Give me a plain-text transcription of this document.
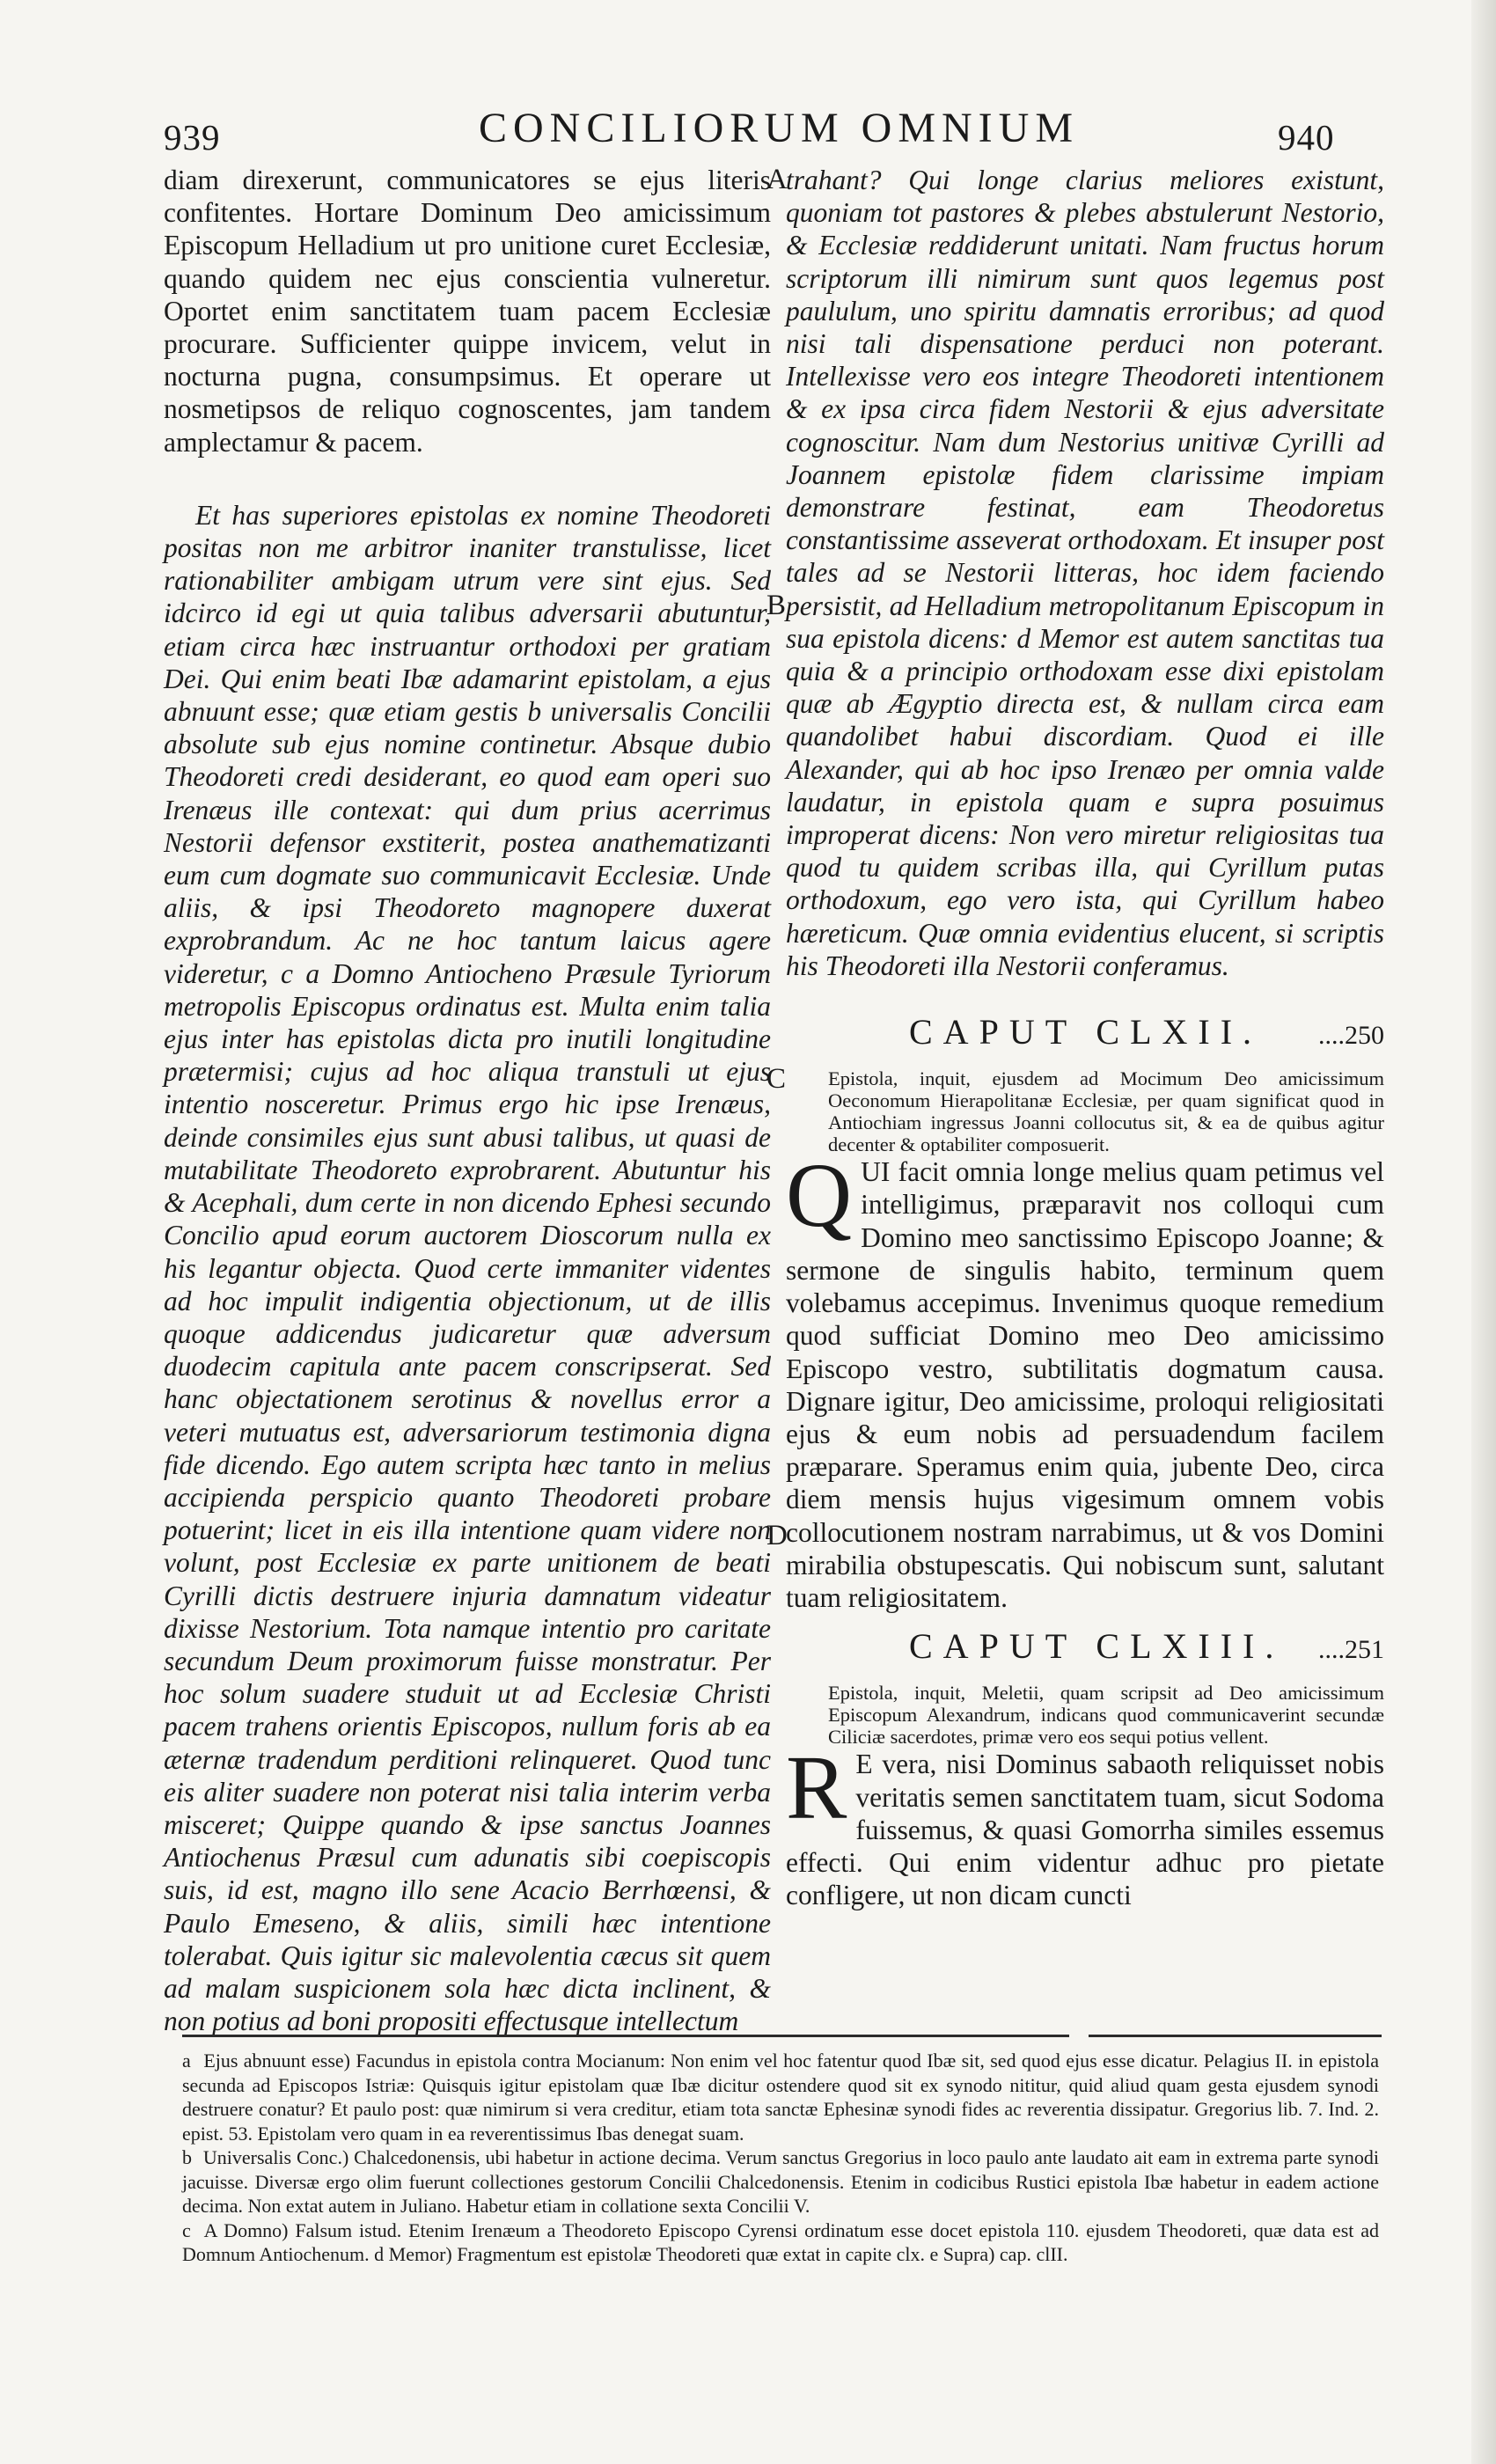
939	CONCILIORUM OMNIUM	940

diam direxerunt, communicatores se ejus literis confitentes. Hortare Dominum Deo amicissimum Episcopum Helladium ut pro unitione curet Ecclesiæ, quando quidem nec ejus conscientia vulneretur. Oportet enim sanctitatem tuam pacem Ecclesiæ procurare. Sufficienter quippe invicem, velut in nocturna pugna, consumpsimus. Et operare ut nosmetipsos de reliquo cognoscentes, jam tandem amplectamur & pacem.

Et has superiores epistolas ex nomine Theodoreti positas non me arbitror inaniter transtulisse, licet rationabiliter ambigam utrum vere sint ejus. Sed idcirco id egi ut quia talibus adversarii abutuntur, etiam circa hæc instruantur orthodoxi per gratiam Dei. Qui enim beati Ibæ adamarint epistolam, a ejus abnuunt esse; quæ etiam gestis b universalis Concilii absolute sub ejus nomine continetur. Absque dubio Theodoreti credi desiderant, eo quod eam operi suo Irenæus ille contexat: qui dum prius acerrimus Nestorii defensor exstiterit, postea anathematizanti eum cum dogmate suo communicavit Ecclesiæ. Unde aliis, & ipsi Theodoreto magnopere duxerat exprobrandum. Ac ne hoc tantum laicus agere videretur, c a Domno Antiocheno Præsule Tyriorum metropolis Episcopus ordinatus est. Multa enim talia ejus inter has epistolas dicta pro inutili longitudine prætermisi; cujus ad hoc aliqua transtuli ut ejus intentio nosceretur. Primus ergo hic ipse Irenæus, deinde consimiles ejus sunt abusi talibus, ut quasi de mutabilitate Theodoreto exprobrarent. Abutuntur his & Acephali, dum certe in non dicendo Ephesi secundo Concilio apud eorum auctorem Dioscorum nulla ex his legantur objecta. Quod certe immaniter videntes ad hoc impulit indigentia objectionum, ut de illis quoque addicendus judicaretur quæ adversum duodecim capitula ante pacem conscripserat. Sed hanc objectationem serotinus & novellus error a veteri mutuatus est, adversariorum testimonia digna fide dicendo. Ego autem scripta hæc tanto in melius accipienda perspicio quanto Theodoreti probare potuerint; licet in eis illa intentione quam videre non volunt, post Ecclesiæ ex parte unitionem de beati Cyrilli dictis destruere injuria damnatum videatur dixisse Nestorium. Tota namque intentio pro caritate secundum Deum proximorum fuisse monstratur. Per hoc solum suadere studuit ut ad Ecclesiæ Christi pacem trahens orientis Episcopos, nullum foris ab ea æternæ tradendum perditioni relinqueret. Quod tunc eis aliter suadere non poterat nisi talia interim verba misceret; Quippe quando & ipse sanctus Joannes Antiochenus Præsul cum adunatis sibi coepiscopis suis, id est, magno illo sene Acacio Berrhœensi, & Paulo Emeseno, & aliis, simili hæc intentione tolerabat. Quis igitur sic malevolentia cæcus sit quem ad malam suspicionem sola hæc dicta inclinent, & non potius ad boni propositi effectusque intellectum

A
B
C
D

trahant? Qui longe clarius meliores existunt, quoniam tot pastores & plebes abstulerunt Nestorio, & Ecclesiæ reddiderunt unitati. Nam fructus horum scriptorum illi nimirum sunt quos legemus post paululum, uno spiritu damnatis erroribus; ad quod nisi tali dispensatione perduci non poterant. Intellexisse vero eos integre Theodoreti intentionem & ex ipsa circa fidem Nestorii & ejus adversitate cognoscitur. Nam dum Nestorius unitivæ Cyrilli ad Joannem epistolæ fidem clarissime impiam demonstrare festinat, eam Theodoretus constantissime asseverat orthodoxam. Et insuper post tales ad se Nestorii litteras, hoc idem faciendo persistit, ad Helladium metropolitanum Episcopum in sua epistola dicens: d Memor est autem sanctitas tua quia & a principio orthodoxam esse dixi epistolam quæ ab Ægyptio directa est, & nullam circa eam quandolibet habui discordiam. Quod ei ille Alexander, qui ab hoc ipso Irenæo per omnia valde laudatur, in epistola quam e supra posuimus improperat dicens: Non vero miretur religiositas tua quod tu quidem scribas illa, qui Cyrillum putas orthodoxum, ego vero ista, qui Cyrillum habeo hæreticum. Quæ omnia evidentius elucent, si scriptis his Theodoreti illa Nestorii conferamus.

CAPUT CLXII. ....250

Epistola, inquit, ejusdem ad Mocimum Deo amicissimum Oeconomum Hierapolitanæ Ecclesiæ, per quam significat quod in Antiochiam ingressus Joanni collocutus sit, & ea de quibus agitur decenter & optabiliter composuerit.

QUI facit omnia longe melius quam petimus vel intelligimus, præparavit nos colloqui cum Domino meo sanctissimo Episcopo Joanne; & sermone de singulis habito, terminum quem volebamus accepimus. Invenimus quoque remedium quod sufficiat Domino meo Deo amicissimo Episcopo vestro, subtilitatis dogmatum causa. Dignare igitur, Deo amicissime, proloqui religiositati ejus & eum nobis ad persuadendum facilem præparare. Speramus enim quia, jubente Deo, circa diem mensis hujus vigesimum omnem vobis collocutionem nostram narrabimus, ut & vos Domini mirabilia obstupescatis. Qui nobiscum sunt, salutant tuam religiositatem.

CAPUT CLXIII. ....251

Epistola, inquit, Meletii, quam scripsit ad Deo amicissimum Episcopum Alexandrum, indicans quod communicaverint secundæ Ciliciæ sacerdotes, primæ vero eos sequi potius vellent.

R E vera, nisi Dominus sabaoth reliquisset nobis veritatis semen sanctitatem tuam, sicut Sodoma fuissemus, & quasi Gomorrha similes essemus effecti. Qui enim videntur adhuc pro pietate confligere, ut non dicam cuncti

a Ejus abnuunt esse) Facundus in epistola contra Mocianum: Non enim vel hoc fatentur quod Ibæ sit, sed quod ejus esse dicatur. Pelagius II. in epistola secunda ad Episcopos Istriæ: Quisquis igitur epistolam quæ Ibæ dicitur ostendere quod sit ex synodo nititur, quid aliud quam gesta ejusdem synodi destruere conatur? Et paulo post: quæ nimirum si vera creditur, etiam tota sanctæ Ephesinæ synodi fides ac reverentia dissipatur. Gregorius lib. 7. Ind. 2. epist. 53. Epistolam vero quam in ea reverentissimus Ibas denegat suam.

b Universalis Conc.) Chalcedonensis, ubi habetur in actione decima. Verum sanctus Gregorius in loco paulo ante laudato ait eam in extrema parte synodi jacuisse. Diversæ ergo olim fuerunt collectiones gestorum Concilii Chalcedonensis. Etenim in codicibus Rustici epistola Ibæ habetur in eadem actione decima. Non extat autem in Juliano. Habetur etiam in collatione sexta Concilii V.

c A Domno) Falsum istud. Etenim Irenæum a Theodoreto Episcopo Cyrensi ordinatum esse docet epistola 110. ejusdem Theodoreti, quæ data est ad Domnum Antiochenum. d Memor) Fragmentum est epistolæ Theodoreti quæ extat in capite clx. e Supra) cap. clII.
